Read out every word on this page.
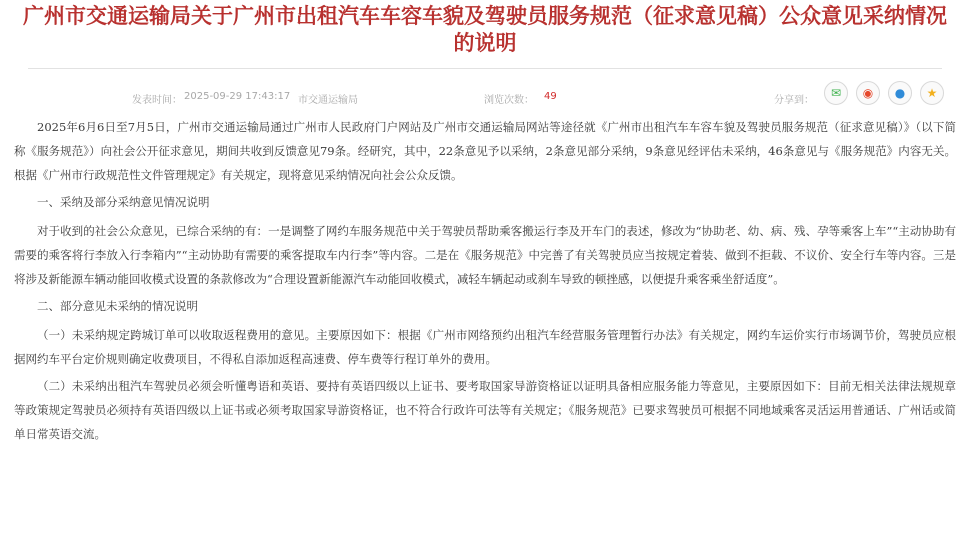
广州市交通运输局关于广州市出租汽车车容车貌及驾驶员服务规范（征求意见稿）公众意见采纳情况的说明
发表时间： 2025-09-29 17:43:17 市交通运输局	浏览次数： 49	分享到：
✉ ◉ ● ★

2025年6月6日至7月5日，广州市交通运输局通过广州市人民政府门户网站及广州市交通运输局网站等途径就《广州市出租汽车车容车貌及驾驶员服务规范（征求意见稿）》（以下简称《服务规范》）向社会公开征求意见，期间共收到反馈意见79条。经研究，其中，22条意见予以采纳，2条意见部分采纳，9条意见经评估未采纳，46条意见与《服务规范》内容无关。根据《广州市行政规范性文件管理规定》有关规定，现将意见采纳情况向社会公众反馈。

一、采纳及部分采纳意见情况说明

对于收到的社会公众意见，已综合采纳的有：一是调整了网约车服务规范中关于驾驶员帮助乘客搬运行李及开车门的表述，修改为“协助老、幼、病、残、孕等乘客上车”“主动协助有需要的乘客将行李放入行李箱内”“主动协助有需要的乘客提取车内行李”等内容。二是在《服务规范》中完善了有关驾驶员应当按规定着装、做到不拒载、不议价、安全行车等内容。三是将涉及新能源车辆动能回收模式设置的条款修改为“合理设置新能源汽车动能回收模式，减轻车辆起动或刹车导致的顿挫感，以便提升乘客乘坐舒适度”。

二、部分意见未采纳的情况说明

（一）未采纳规定跨城订单可以收取返程费用的意见。主要原因如下：根据《广州市网络预约出租汽车经营服务管理暂行办法》有关规定，网约车运价实行市场调节价，驾驶员应根据网约车平台定价规则确定收费项目，不得私自添加返程高速费、停车费等行程订单外的费用。

（二）未采纳出租汽车驾驶员必须会听懂粤语和英语、要持有英语四级以上证书、要考取国家导游资格证以证明具备相应服务能力等意见，主要原因如下：目前无相关法律法规规章等政策规定驾驶员必须持有英语四级以上证书或必须考取国家导游资格证，也不符合行政许可法等有关规定；《服务规范》已要求驾驶员可根据不同地域乘客灵活运用普通话、广州话或简单日常英语交流。
